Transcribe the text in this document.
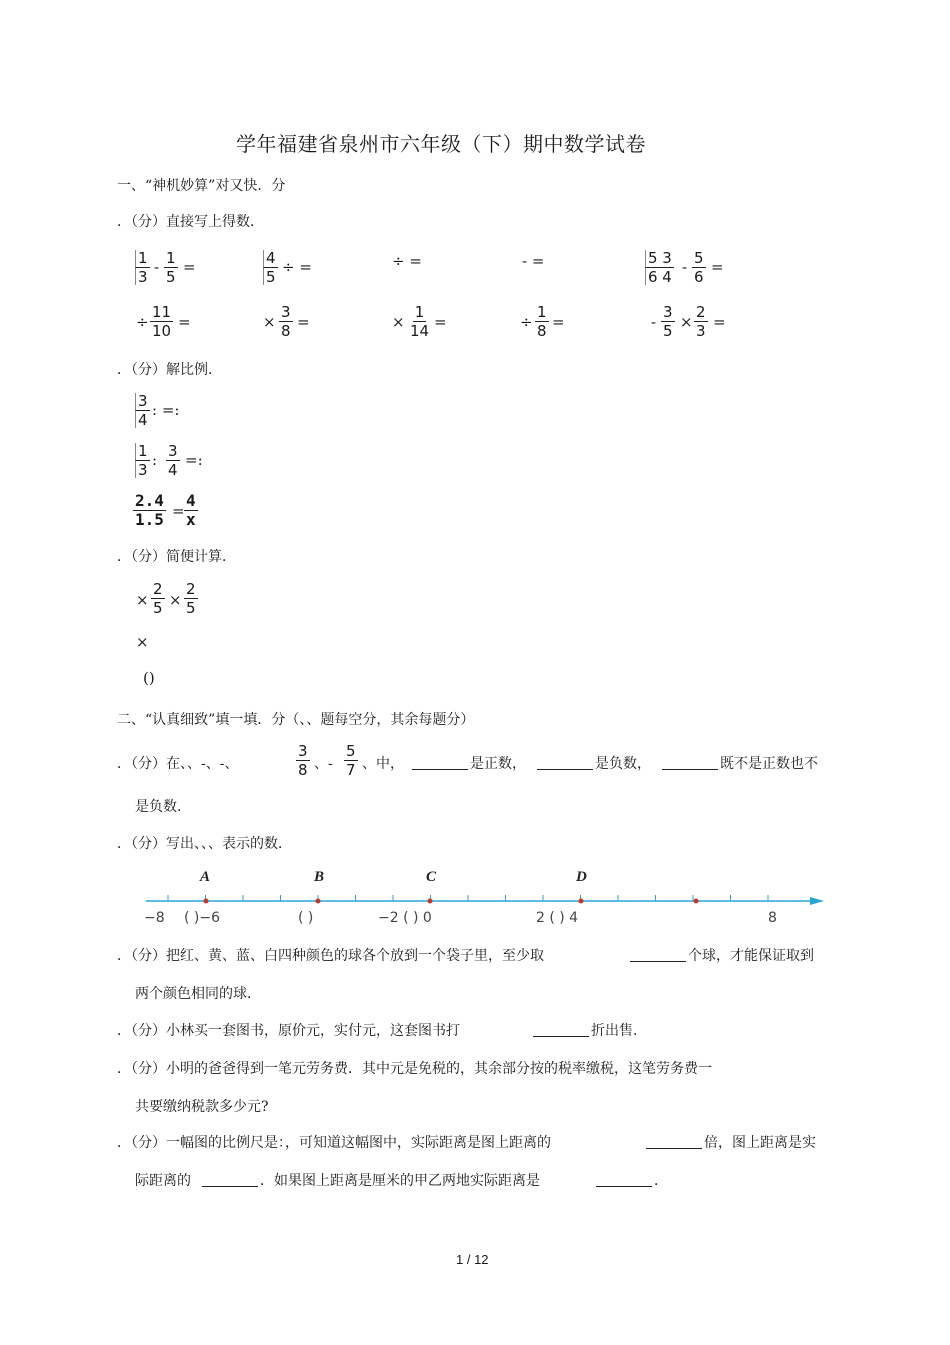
学年福建省泉州市六年级（下）期中数学试卷
一、“神机妙算”对又快．分
．（分）直接写上得数．
$\frac{1}{3} - \frac{1}{5}$ =	$\frac{4}{5}$ ÷ =	÷ =	- =	$\frac{5 3}{6 4} - \frac{5}{6}$ =
÷ $\frac{11}{10}$ =	× $\frac{3}{8}$ =	× $\frac{1}{14}$ =	÷ $\frac{1}{8}$ =	- $\frac{3}{5} \times \frac{2}{3}$ =
．（分）解比例．
$\frac{3}{4}$ : =:
$\frac{1}{3}$ : $\frac{3}{4}$ =:
$\frac{2.4}{1.5} = \frac{4}{x}$
．（分）简便计算．
× $\frac{2}{5} \times \frac{2}{5}$
×
()
二、“认真细致”填一填．分（、、题每空分，其余每题分）
．（分）在、、-、-、	$\frac{3}{8}$ 、- $\frac{5}{7}$ 、中，	是正数，	是负数，	既不是正数也不
是负数．
．（分）写出、、、表示的数．
A	B	C	D
−8 ( )−6	( )	−2 ( ) 0	2 ( ) 4	8
．（分）把红、黄、蓝、白四种颜色的球各个放到一个袋子里，至少取	个球，才能保证取到
两个颜色相同的球．
．（分）小林买一套图书，原价元，实付元，这套图书打	折出售．
．（分）小明的爸爸得到一笔元劳务费．其中元是免税的，其余部分按的税率缴税，这笔劳务费一
共要缴纳税款多少元?
．（分）一幅图的比例尺是：，可知道这幅图中，实际距离是图上距离的	倍，图上距离是实
际距离的	．如果图上距离是厘米的甲乙两地实际距离是	．
1 / 12
